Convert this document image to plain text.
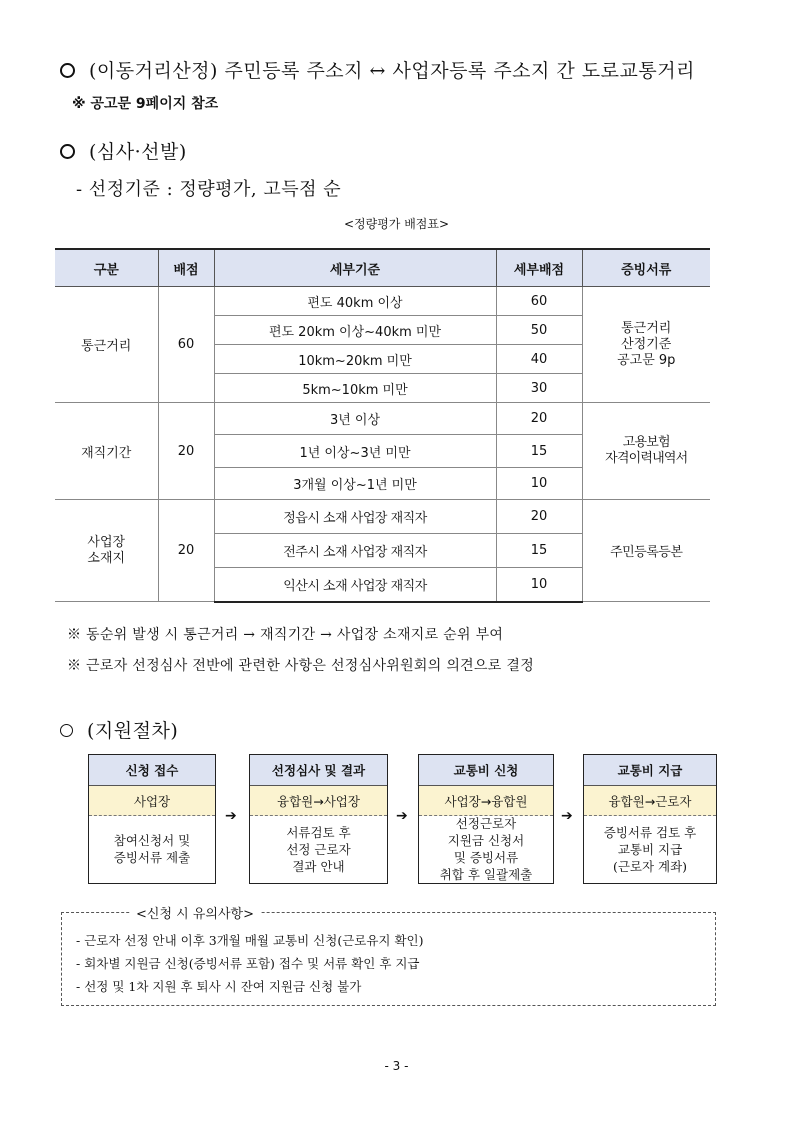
(이동거리산정) 주민등록 주소지 ↔ 사업자등록 주소지 간 도로교통거리
※ 공고문 9페이지 참조
(심사·선발)
- 선정기준 : 정량평가, 고득점 순
<정량평가 배점표>
구분	배점	세부기준	세부배점	증빙서류
통근거리	60	편도 40km 이상	60	통근거리
산정기준
공고문 9p
		편도 20km 이상~40km 미만	50	
		10km~20km 미만	40	
		5km~10km 미만	30	
재직기간	20	3년 이상	20	고용보험
자격이력내역서
		1년 이상~3년 미만	15	
		3개월 이상~1년 미만	10	
사업장
소재지	20	정읍시 소재 사업장 재직자	20	주민등록등본
		전주시 소재 사업장 재직자	15	
		익산시 소재 사업장 재직자	10	
※ 동순위 발생 시 통근거리 → 재직기간 → 사업장 소재지로 순위 부여
※ 근로자 선정심사 전반에 관련한 사항은 선정심사위원회의 의견으로 결정
(지원절차)
신청 접수
사업장
참여신청서 및
증빙서류 제출
➔
선정심사 및 결과
융합원→사업장
서류검토 후
선정 근로자
결과 안내
➔
교통비 신청
사업장→융합원
선정근로자
지원금 신청서
및 증빙서류
취합 후 일괄제출
➔
교통비 지급
융합원→근로자
증빙서류 검토 후
교통비 지급
(근로자 계좌)
- 근로자 선정 안내 이후 3개월 매월 교통비 신청(근로유지 확인)
- 회차별 지원금 신청(증빙서류 포함) 접수 및 서류 확인 후 지급
- 선정 및 1차 지원 후 퇴사 시 잔여 지원금 신청 불가
<신청 시 유의사항>
- 3 -
